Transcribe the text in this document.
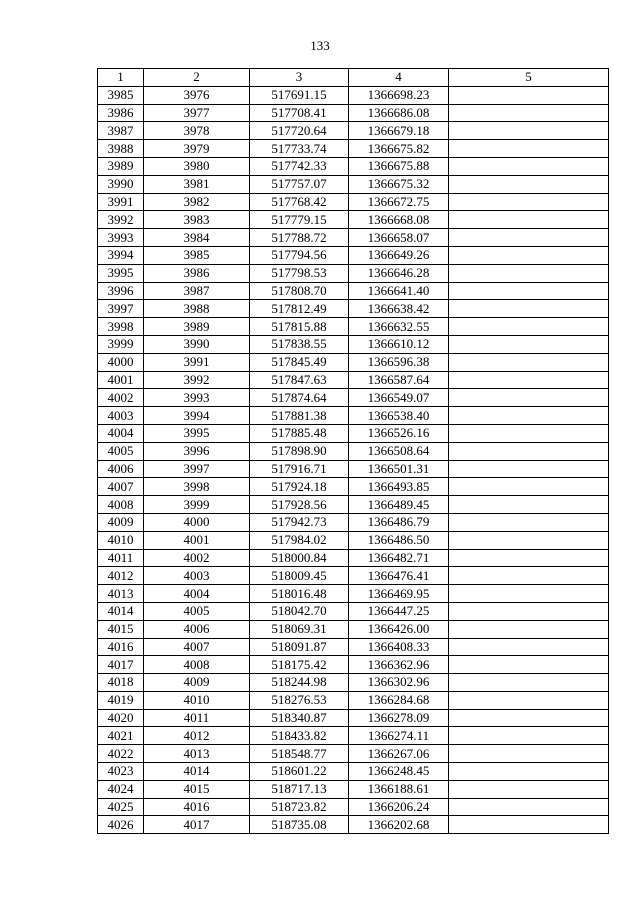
133
1	2	3	4	5
3985	3976	517691.15	1366698.23	
3986	3977	517708.41	1366686.08	
3987	3978	517720.64	1366679.18	
3988	3979	517733.74	1366675.82	
3989	3980	517742.33	1366675.88	
3990	3981	517757.07	1366675.32	
3991	3982	517768.42	1366672.75	
3992	3983	517779.15	1366668.08	
3993	3984	517788.72	1366658.07	
3994	3985	517794.56	1366649.26	
3995	3986	517798.53	1366646.28	
3996	3987	517808.70	1366641.40	
3997	3988	517812.49	1366638.42	
3998	3989	517815.88	1366632.55	
3999	3990	517838.55	1366610.12	
4000	3991	517845.49	1366596.38	
4001	3992	517847.63	1366587.64	
4002	3993	517874.64	1366549.07	
4003	3994	517881.38	1366538.40	
4004	3995	517885.48	1366526.16	
4005	3996	517898.90	1366508.64	
4006	3997	517916.71	1366501.31	
4007	3998	517924.18	1366493.85	
4008	3999	517928.56	1366489.45	
4009	4000	517942.73	1366486.79	
4010	4001	517984.02	1366486.50	
4011	4002	518000.84	1366482.71	
4012	4003	518009.45	1366476.41	
4013	4004	518016.48	1366469.95	
4014	4005	518042.70	1366447.25	
4015	4006	518069.31	1366426.00	
4016	4007	518091.87	1366408.33	
4017	4008	518175.42	1366362.96	
4018	4009	518244.98	1366302.96	
4019	4010	518276.53	1366284.68	
4020	4011	518340.87	1366278.09	
4021	4012	518433.82	1366274.11	
4022	4013	518548.77	1366267.06	
4023	4014	518601.22	1366248.45	
4024	4015	518717.13	1366188.61	
4025	4016	518723.82	1366206.24	
4026	4017	518735.08	1366202.68	
